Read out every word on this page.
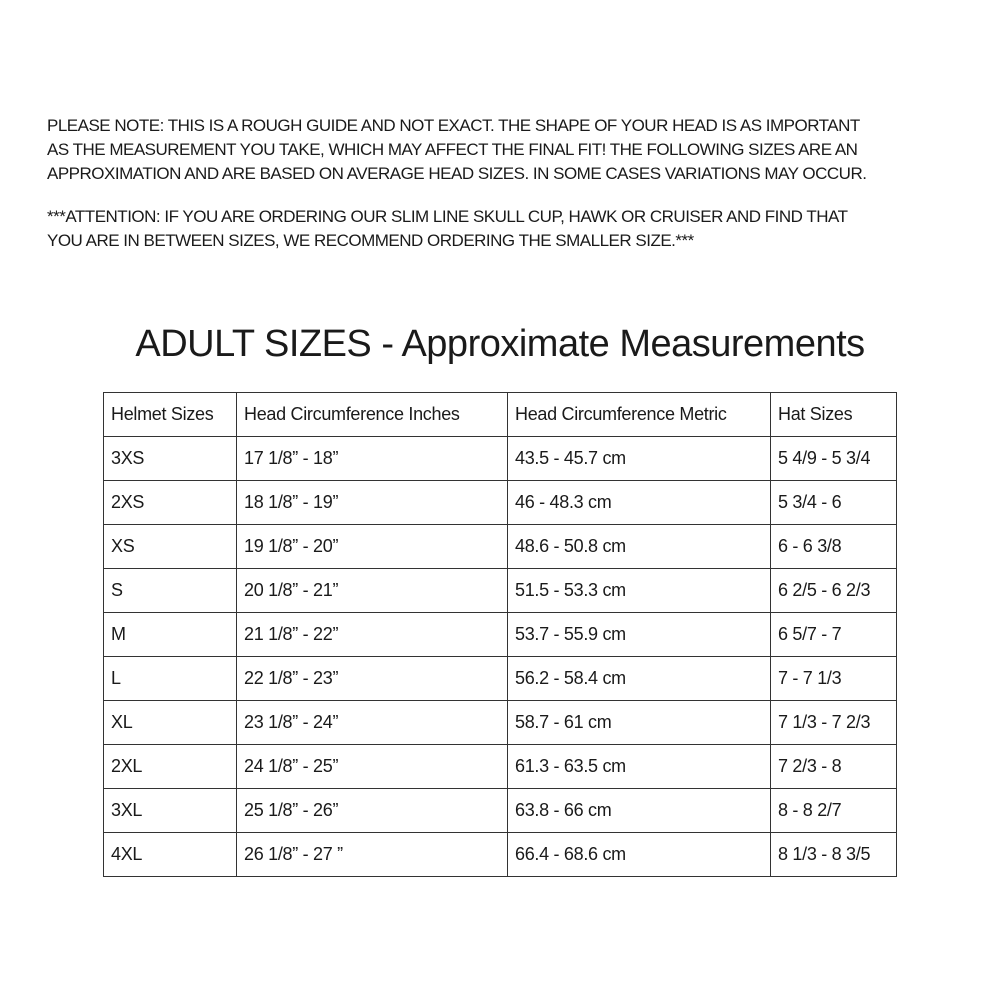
PLEASE NOTE: THIS IS A ROUGH GUIDE AND NOT EXACT. THE SHAPE OF YOUR HEAD IS AS IMPORTANT
AS THE MEASUREMENT YOU TAKE, WHICH MAY AFFECT THE FINAL FIT! THE FOLLOWING SIZES ARE AN
APPROXIMATION AND ARE BASED ON AVERAGE HEAD SIZES. IN SOME CASES VARIATIONS MAY OCCUR.
***ATTENTION: IF YOU ARE ORDERING OUR SLIM LINE SKULL CUP, HAWK OR CRUISER AND FIND THAT
YOU ARE IN BETWEEN SIZES, WE RECOMMEND ORDERING THE SMALLER SIZE.***
ADULT SIZES - Approximate Measurements
Helmet Sizes	Head Circumference Inches	Head Circumference Metric	Hat Sizes
3XS	17 1/8” - 18”	43.5 - 45.7 cm	5 4/9 - 5 3/4
2XS	18 1/8” - 19”	46 - 48.3 cm	5 3/4 - 6
XS	19 1/8” - 20”	48.6 - 50.8 cm	6 - 6 3/8
S	20 1/8” - 21”	51.5 - 53.3 cm	6 2/5 - 6 2/3
M	21 1/8” - 22”	53.7 - 55.9 cm	6 5/7 - 7
L	22 1/8” - 23”	56.2 - 58.4 cm	7 - 7 1/3
XL	23 1/8” - 24”	58.7 - 61 cm	7 1/3 - 7 2/3
2XL	24 1/8” - 25”	61.3 - 63.5 cm	7 2/3 - 8
3XL	25 1/8” - 26”	63.8 - 66 cm	8 - 8 2/7
4XL	26 1/8” - 27 ”	66.4 - 68.6 cm	8 1/3 - 8 3/5
